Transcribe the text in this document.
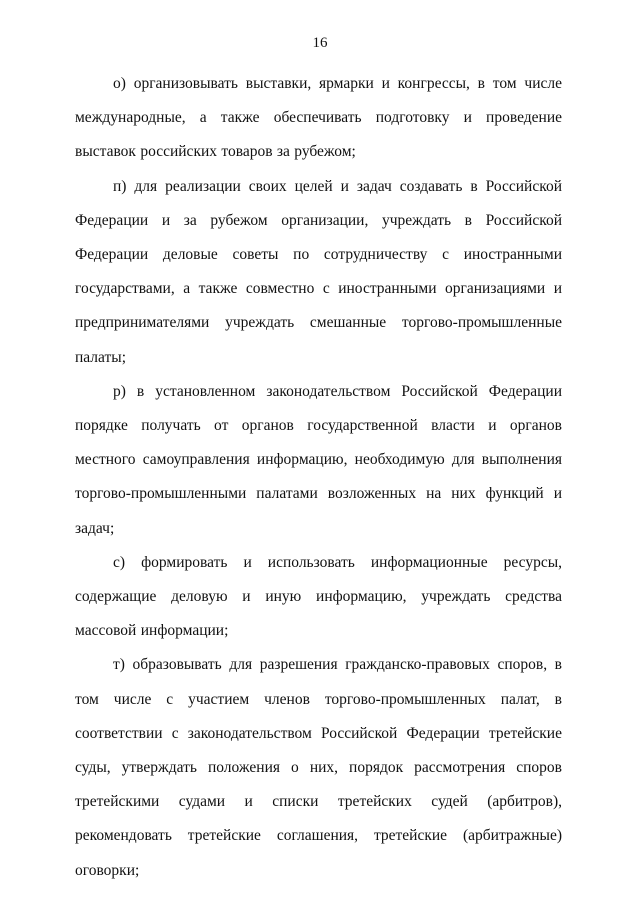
16

о) организовывать выставки, ярмарки и конгрессы, в том числе международные, а также обеспечивать подготовку и проведение выставок российских товаров за рубежом;

п) для реализации своих целей и задач создавать в Российской Федерации и за рубежом организации, учреждать в Российской Федерации деловые советы по сотрудничеству с иностранными государствами, а также совместно с иностранными организациями и предпринимателями учреждать смешанные торгово-промышленные палаты;

р) в установленном законодательством Российской Федерации порядке получать от органов государственной власти и органов местного самоуправления информацию, необходимую для выполнения торгово-промышленными палатами возложенных на них функций и задач;

с) формировать и использовать информационные ресурсы, содержащие деловую и иную информацию, учреждать средства массовой информации;

т) образовывать для разрешения гражданско-правовых споров, в том числе с участием членов торгово-промышленных палат, в соответствии с законодательством Российской Федерации третейские суды, утверждать положения о них, порядок рассмотрения споров третейскими судами и списки третейских судей (арбитров), рекомендовать третейские соглашения, третейские (арбитражные) оговорки;
